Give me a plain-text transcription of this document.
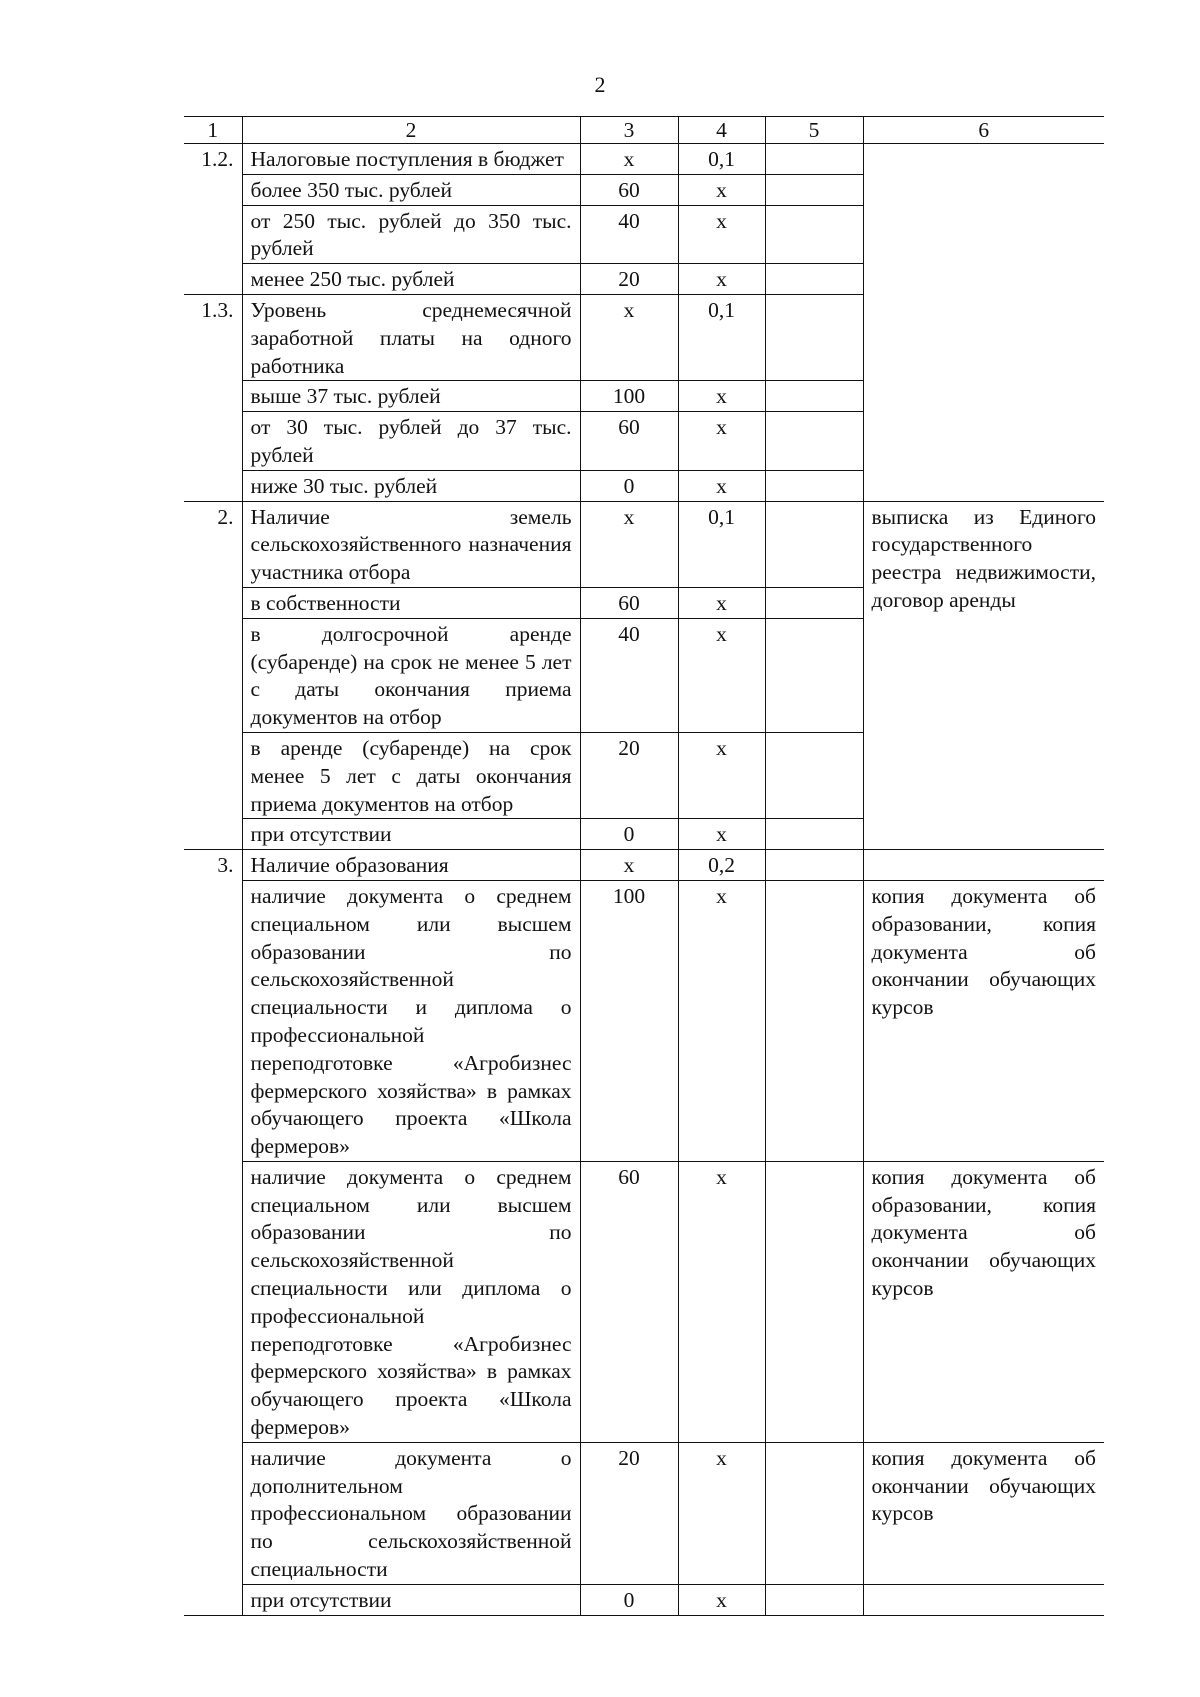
2
1	2	3	4	5	6
1.2.	Налоговые поступления в бюджет	х	0,1		
	более 350 тыс. рублей	60	х		
	от 250 тыс. рублей до 350 тыс. рублей	40	х		
	менее 250 тыс. рублей	20	х		
1.3.	Уровень среднемесячной заработной платы на одного работника	х	0,1		
	выше 37 тыс. рублей	100	х		
	от 30 тыс. рублей до 37 тыс. рублей	60	х		
	ниже 30 тыс. рублей	0	х		
2.	Наличие земель сельскохозяйственного назначения участника отбора	х	0,1		выписка из Единого государственного реестра недвижимости, договор аренды
	в собственности	60	х		
	в долгосрочной аренде (субаренде) на срок не менее 5 лет с даты окончания приема документов на отбор	40	х		
	в аренде (субаренде) на срок менее 5 лет с даты окончания приема документов на отбор	20	х		
	при отсутствии	0	х		
3.	Наличие образования	х	0,2		
	наличие документа о среднем специальном или высшем образовании по сельскохозяйственной специальности и диплома о профессиональной переподготовке «Агробизнес фермерского хозяйства» в рамках обучающего проекта «Школа фермеров»	100	х		копия документа об образовании, копия документа об окончании обучающих курсов
	наличие документа о среднем специальном или высшем образовании по сельскохозяйственной специальности или диплома о профессиональной переподготовке «Агробизнес фермерского хозяйства» в рамках обучающего проекта «Школа фермеров»	60	х		копия документа об образовании, копия документа об окончании обучающих курсов
	наличие документа о дополнительном профессиональном образовании по сельскохозяйственной специальности	20	х		копия документа об окончании обучающих курсов
	при отсутствии	0	х		
